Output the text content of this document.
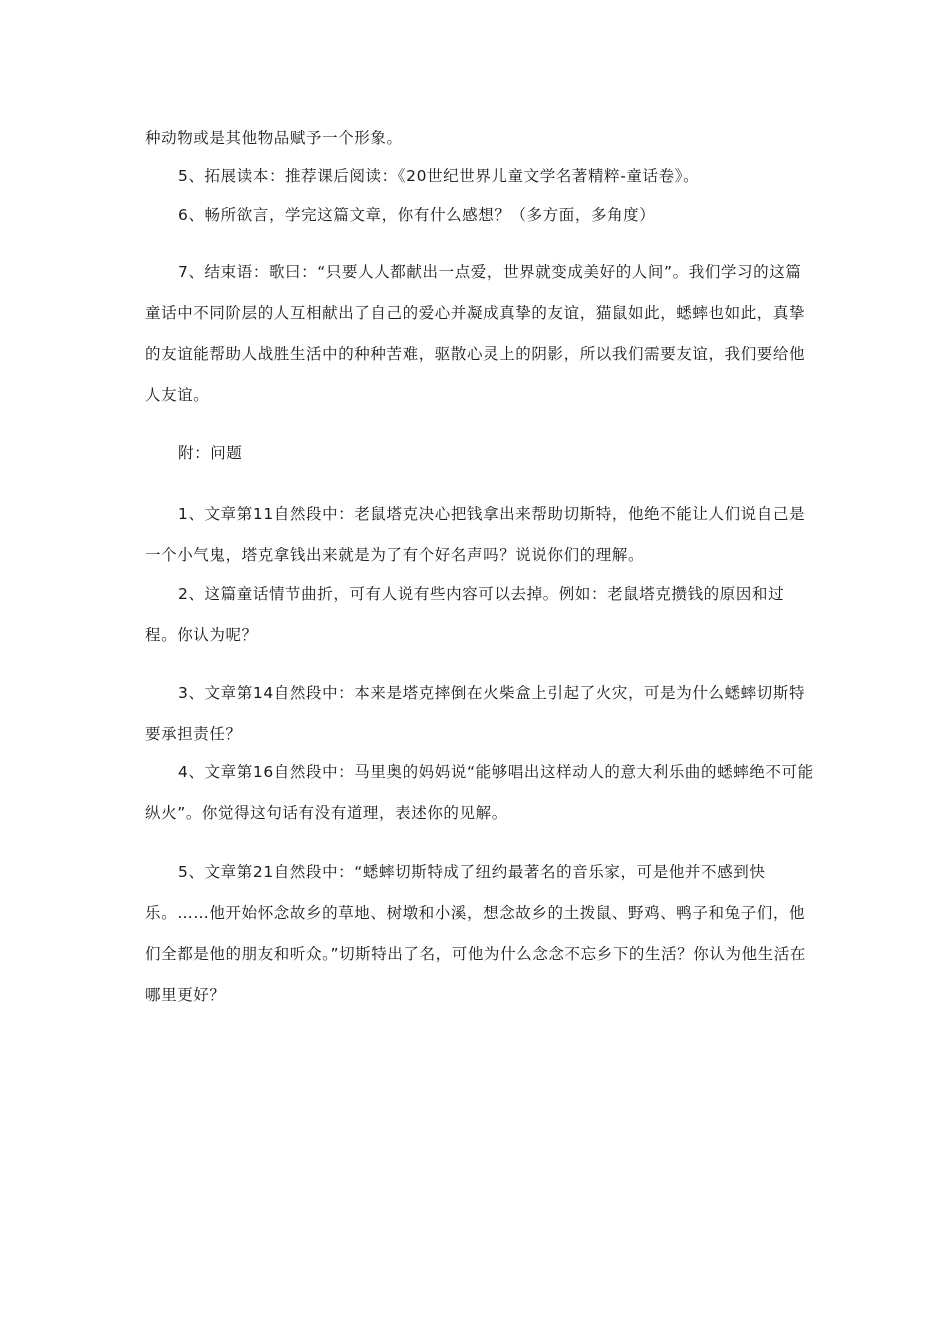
种动物或是其他物品赋予一个形象。

5、拓展读本：推荐课后阅读：《20世纪世界儿童文学名著精粹-童话卷》。

6、畅所欲言，学完这篇文章，你有什么感想？（多方面，多角度）

7、结束语：歌曰：“只要人人都献出一点爱，世界就变成美好的人间”。我们学习的这篇童话中不同阶层的人互相献出了自己的爱心并凝成真挚的友谊，猫鼠如此，蟋蟀也如此，真挚的友谊能帮助人战胜生活中的种种苦难，驱散心灵上的阴影，所以我们需要友谊，我们要给他人友谊。

附：问题

1、文章第11自然段中：老鼠塔克决心把钱拿出来帮助切斯特，他绝不能让人们说自己是一个小气鬼，塔克拿钱出来就是为了有个好名声吗？说说你们的理解。

2、这篇童话情节曲折，可有人说有些内容可以去掉。例如：老鼠塔克攒钱的原因和过程。你认为呢？

3、文章第14自然段中：本来是塔克摔倒在火柴盒上引起了火灾，可是为什么蟋蟀切斯特要承担责任？

4、文章第16自然段中：马里奥的妈妈说“能够唱出这样动人的意大利乐曲的蟋蟀绝不可能纵火”。你觉得这句话有没有道理，表述你的见解。

5、文章第21自然段中：“蟋蟀切斯特成了纽约最著名的音乐家，可是他并不感到快乐。……他开始怀念故乡的草地、树墩和小溪，想念故乡的土拨鼠、野鸡、鸭子和兔子们，他们全都是他的朋友和听众。”切斯特出了名，可他为什么念念不忘乡下的生活？你认为他生活在哪里更好？
